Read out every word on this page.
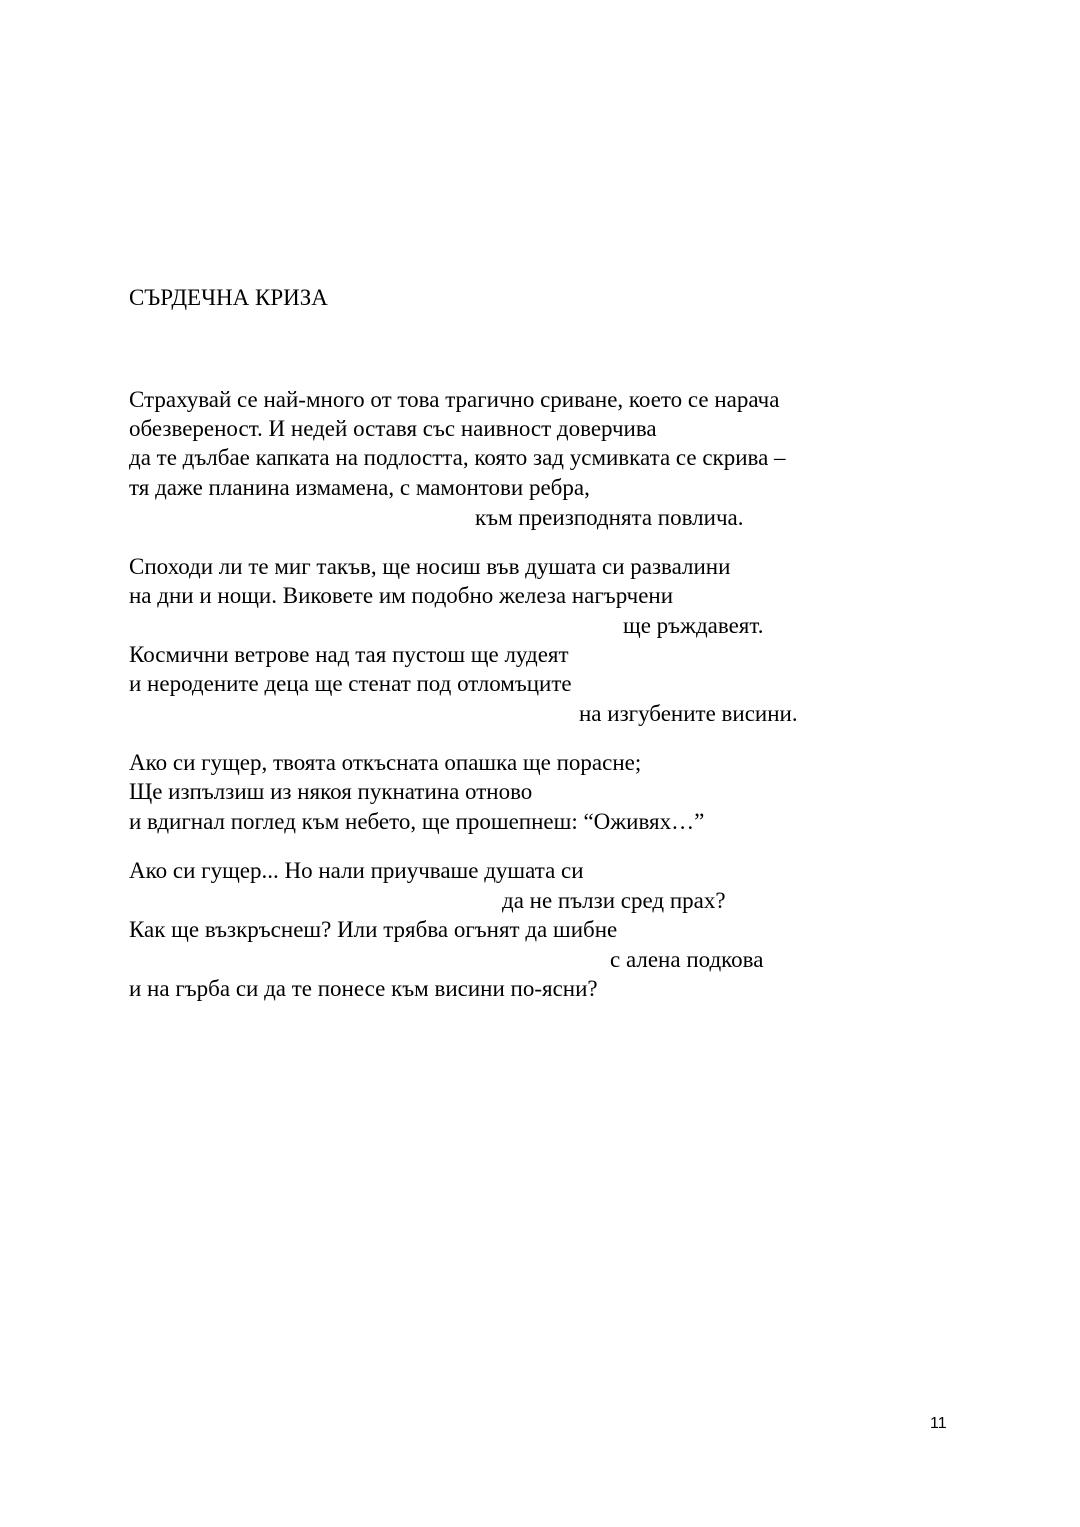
СЪРДЕЧНА КРИЗА
Страхувай се най-много от това трагично сриване, което се нарача
обезвереност. И недей оставя със наивност доверчива
да те дълбае капката на подлостта, която зад усмивката се скрива –
тя даже планина измамена, с мамонтови ребра,
към преизподнята повлича.
Споходи ли те миг такъв, ще носиш във душата си развалини
на дни и нощи. Виковете им подобно железа нагърчени
ще ръждавеят.
Космични ветрове над тая пустош ще лудеят
и неродените деца ще стенат под отломъците
на изгубените висини.
Ако си гущер, твоята откъсната опашка ще порасне;
Ще изпълзиш из някоя пукнатина отново
и вдигнал поглед към небето, ще прошепнеш: “Оживях…”
Ако си гущер... Но нали приучваше душата си
да не пълзи сред прах?
Как ще възкръснеш? Или трябва огънят да шибне
с алена подкова
и на гърба си да те понесе към висини по-ясни?
11
